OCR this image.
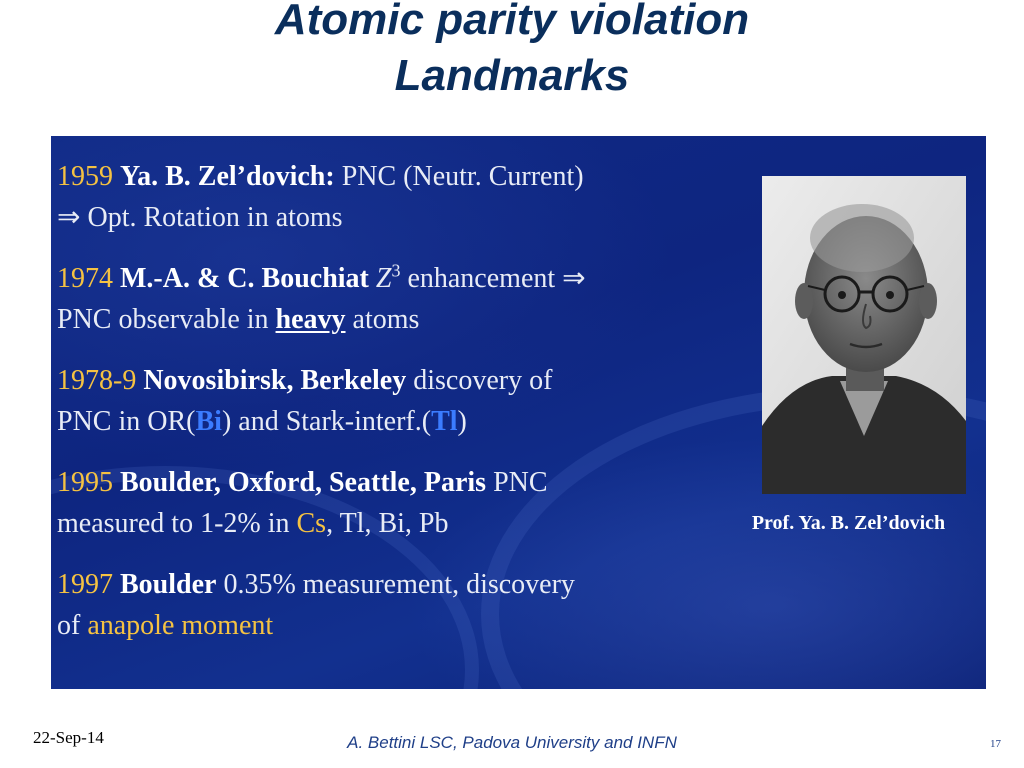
Atomic parity violation
Landmarks
1959 Ya. B. Zel’dovich: PNC (Neutr. Current)
⇒ Opt. Rotation in atoms
1974 M.-A. & C. Bouchiat $Z^3$ enhancement ⇒
PNC observable in heavy atoms
1978-9 Novosibirsk, Berkeley discovery of
PNC in OR(Bi) and Stark-interf.(Tl)
1995 Boulder, Oxford, Seattle, Paris PNC
measured to 1-2% in Cs, Tl, Bi, Pb
1997 Boulder 0.35% measurement, discovery
of anapole moment
Prof. Ya. B. Zel’dovich
22-Sep-14	A. Bettini LSC, Padova University and INFN	17
